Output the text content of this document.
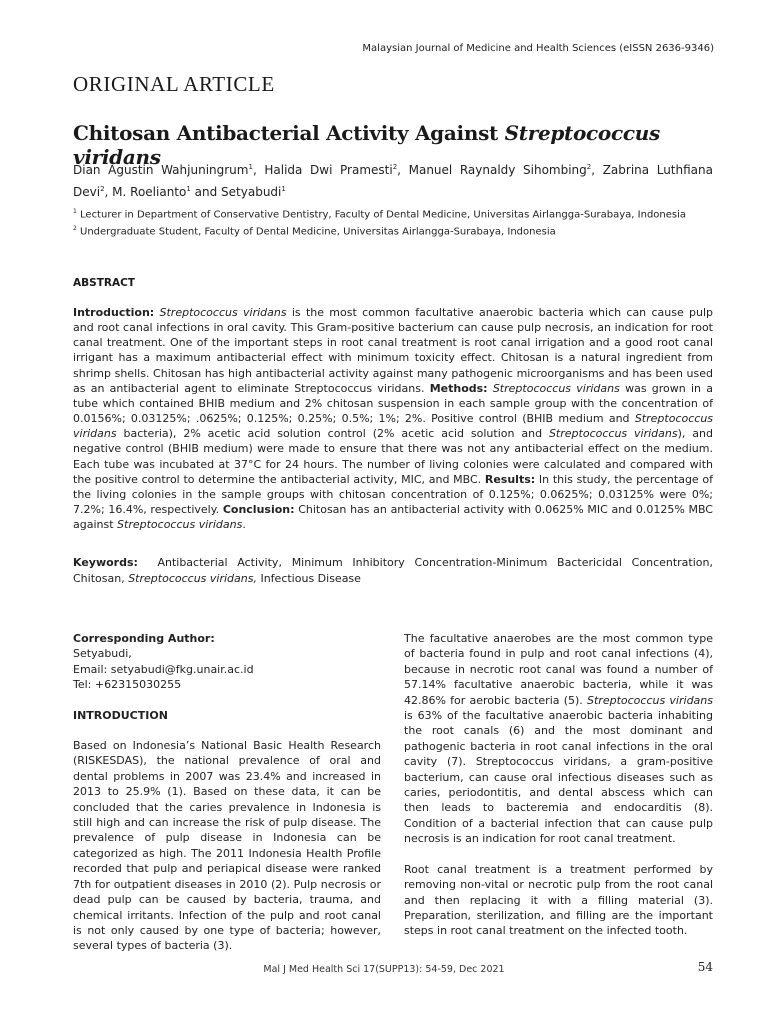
Malaysian Journal of Medicine and Health Sciences (eISSN 2636-9346)
ORIGINAL ARTICLE
Chitosan Antibacterial Activity Against Streptococcus viridans
Dian Agustin Wahjuningrum$^1$, Halida Dwi Pramesti$^2$, Manuel Raynaldy Sihombing$^2$, Zabrina Luthfiana Devi$^2$, M. Roelianto$^1$ and Setyabudi$^1$
$^1$ Lecturer in Department of Conservative Dentistry, Faculty of Dental Medicine, Universitas Airlangga-Surabaya, Indonesia
$^2$ Undergraduate Student, Faculty of Dental Medicine, Universitas Airlangga-Surabaya, Indonesia
ABSTRACT
Introduction: Streptococcus viridans is the most common facultative anaerobic bacteria which can cause pulp and root canal infections in oral cavity. This Gram-positive bacterium can cause pulp necrosis, an indication for root canal treatment. One of the important steps in root canal treatment is root canal irrigation and a good root canal irrigant has a maximum antibacterial effect with minimum toxicity effect. Chitosan is a natural ingredient from shrimp shells. Chitosan has high antibacterial activity against many pathogenic microorganisms and has been used as an antibacterial agent to eliminate Streptococcus viridans. Methods: Streptococcus viridans was grown in a tube which contained BHIB medium and 2% chitosan suspension in each sample group with the concentration of 0.0156%; 0.03125%; .0625%; 0.125%; 0.25%; 0.5%; 1%; 2%. Positive control (BHIB medium and Streptococcus viridans bacteria), 2% acetic acid solution control (2% acetic acid solution and Streptococcus viridans), and negative control (BHIB medium) were made to ensure that there was not any antibacterial effect on the medium. Each tube was incubated at 37°C for 24 hours. The number of living colonies were calculated and compared with the positive control to determine the antibacterial activity, MIC, and MBC. Results: In this study, the percentage of the living colonies in the sample groups with chitosan concentration of 0.125%; 0.0625%; 0.03125% were 0%; 7.2%; 16.4%, respectively. Conclusion: Chitosan has an antibacterial activity with 0.0625% MIC and 0.0125% MBC against Streptococcus viridans.
Keywords: Antibacterial Activity, Minimum Inhibitory Concentration-Minimum Bactericidal Concentration, Chitosan, Streptococcus viridans, Infectious Disease

Corresponding Author:

Setyabudi,

Email: setyabudi@fkg.unair.ac.id

Tel: +62315030255

INTRODUCTION

Based on Indonesia’s National Basic Health Research (RISKESDAS), the national prevalence of oral and dental problems in 2007 was 23.4% and increased in 2013 to 25.9% (1). Based on these data, it can be concluded that the caries prevalence in Indonesia is still high and can increase the risk of pulp disease. The prevalence of pulp disease in Indonesia can be categorized as high. The 2011 Indonesia Health Profile recorded that pulp and periapical disease were ranked 7th for outpatient diseases in 2010 (2). Pulp necrosis or dead pulp can be caused by bacteria, trauma, and chemical irritants. Infection of the pulp and root canal is not only caused by one type of bacteria; however, several types of bacteria (3).

The facultative anaerobes are the most common type of bacteria found in pulp and root canal infections (4), because in necrotic root canal was found a number of 57.14% facultative anaerobic bacteria, while it was 42.86% for aerobic bacteria (5). Streptococcus viridans is 63% of the facultative anaerobic bacteria inhabiting the root canals (6) and the most dominant and pathogenic bacteria in root canal infections in the oral cavity (7). Streptococcus viridans, a gram-positive bacterium, can cause oral infectious diseases such as caries, periodontitis, and dental abscess which can then leads to bacteremia and endocarditis (8). Condition of a bacterial infection that can cause pulp necrosis is an indication for root canal treatment.

Root canal treatment is a treatment performed by removing non-vital or necrotic pulp from the root canal and then replacing it with a filling material (3). Preparation, sterilization, and filling are the important steps in root canal treatment on the infected tooth.

Mal J Med Health Sci 17(SUPP13): 54-59, Dec 2021	54
